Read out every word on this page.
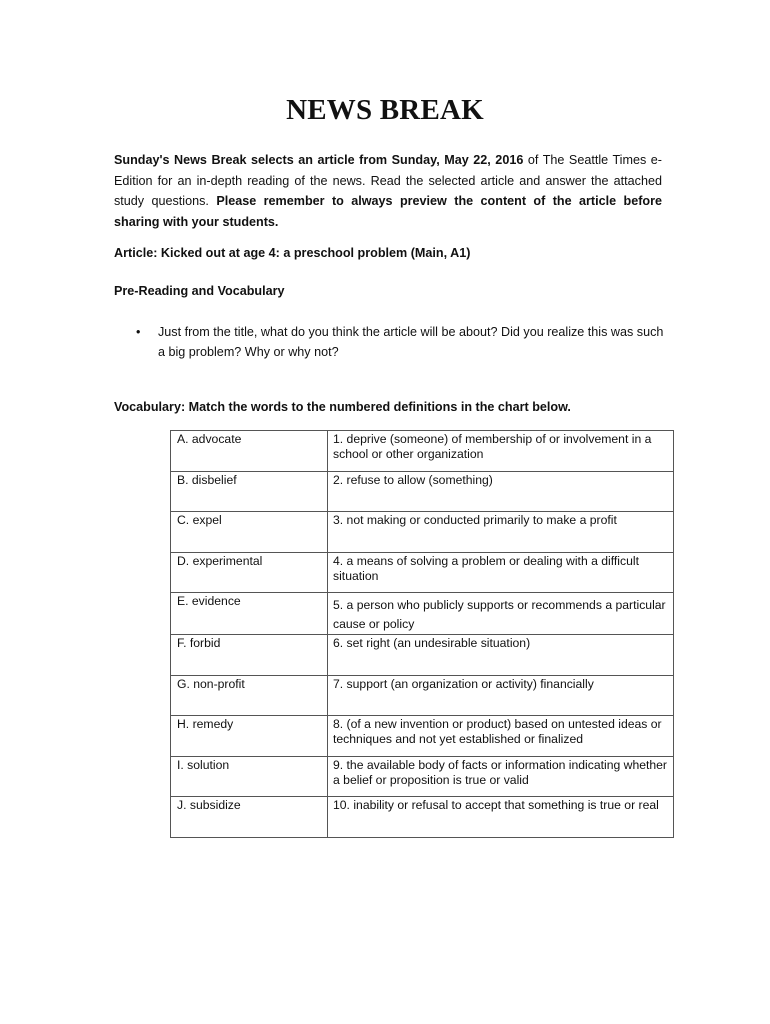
NEWS BREAK
Sunday's News Break selects an article from Sunday, May 22, 2016 of The Seattle Times e-Edition for an in-depth reading of the news. Read the selected article and answer the attached study questions. Please remember to always preview the content of the article before sharing with your students.
Article: Kicked out at age 4: a preschool problem (Main, A1)
Pre-Reading and Vocabulary
• Just from the title, what do you think the article will be about? Did you realize this was such a big problem? Why or why not?
Vocabulary: Match the words to the numbered definitions in the chart below.
A. advocate	1. deprive (someone) of membership of or involvement in a school or other organization
B. disbelief	2. refuse to allow (something)
C. expel	3. not making or conducted primarily to make a profit
D. experimental	4. a means of solving a problem or dealing with a difficult situation
E. evidence	5. a person who publicly supports or recommends a particular cause or policy
F. forbid	6. set right (an undesirable situation)
G. non-profit	7. support (an organization or activity) financially
H. remedy	8. (of a new invention or product) based on untested ideas or techniques and not yet established or finalized
I. solution	9. the available body of facts or information indicating whether a belief or proposition is true or valid
J. subsidize	10. inability or refusal to accept that something is true or real
